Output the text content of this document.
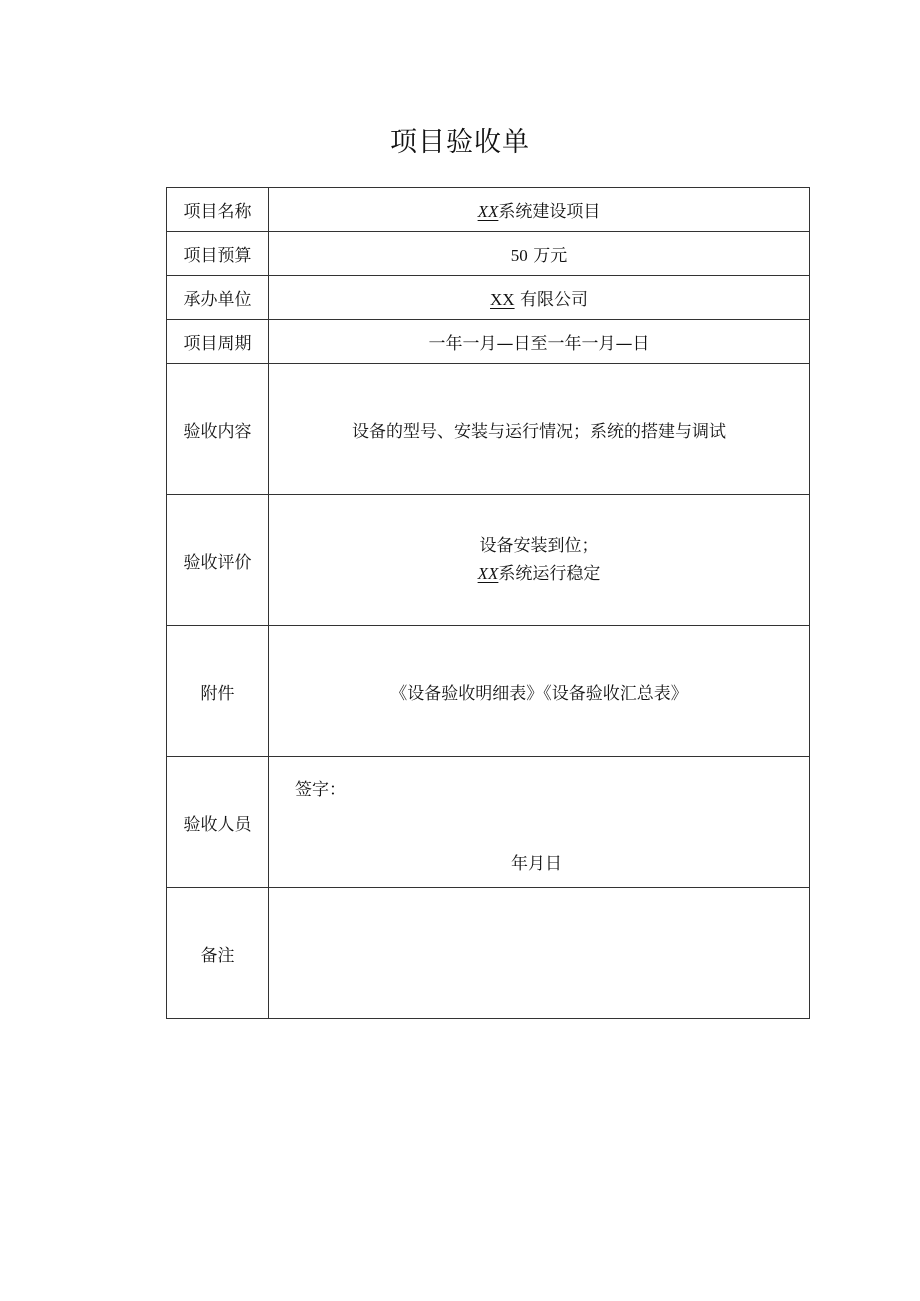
项目验收单
项目名称	XX系统建设项目
项目预算	50 万元
承办单位	XX 有限公司
项目周期	一年一月—日至一年一月—日
验收内容	设备的型号、安装与运行情况；系统的搭建与调试
验收评价	设备安装到位；
XX系统运行稳定

附件	《设备验收明细表》《设备验收汇总表》
验收人员	签字：
年月日

备注	
